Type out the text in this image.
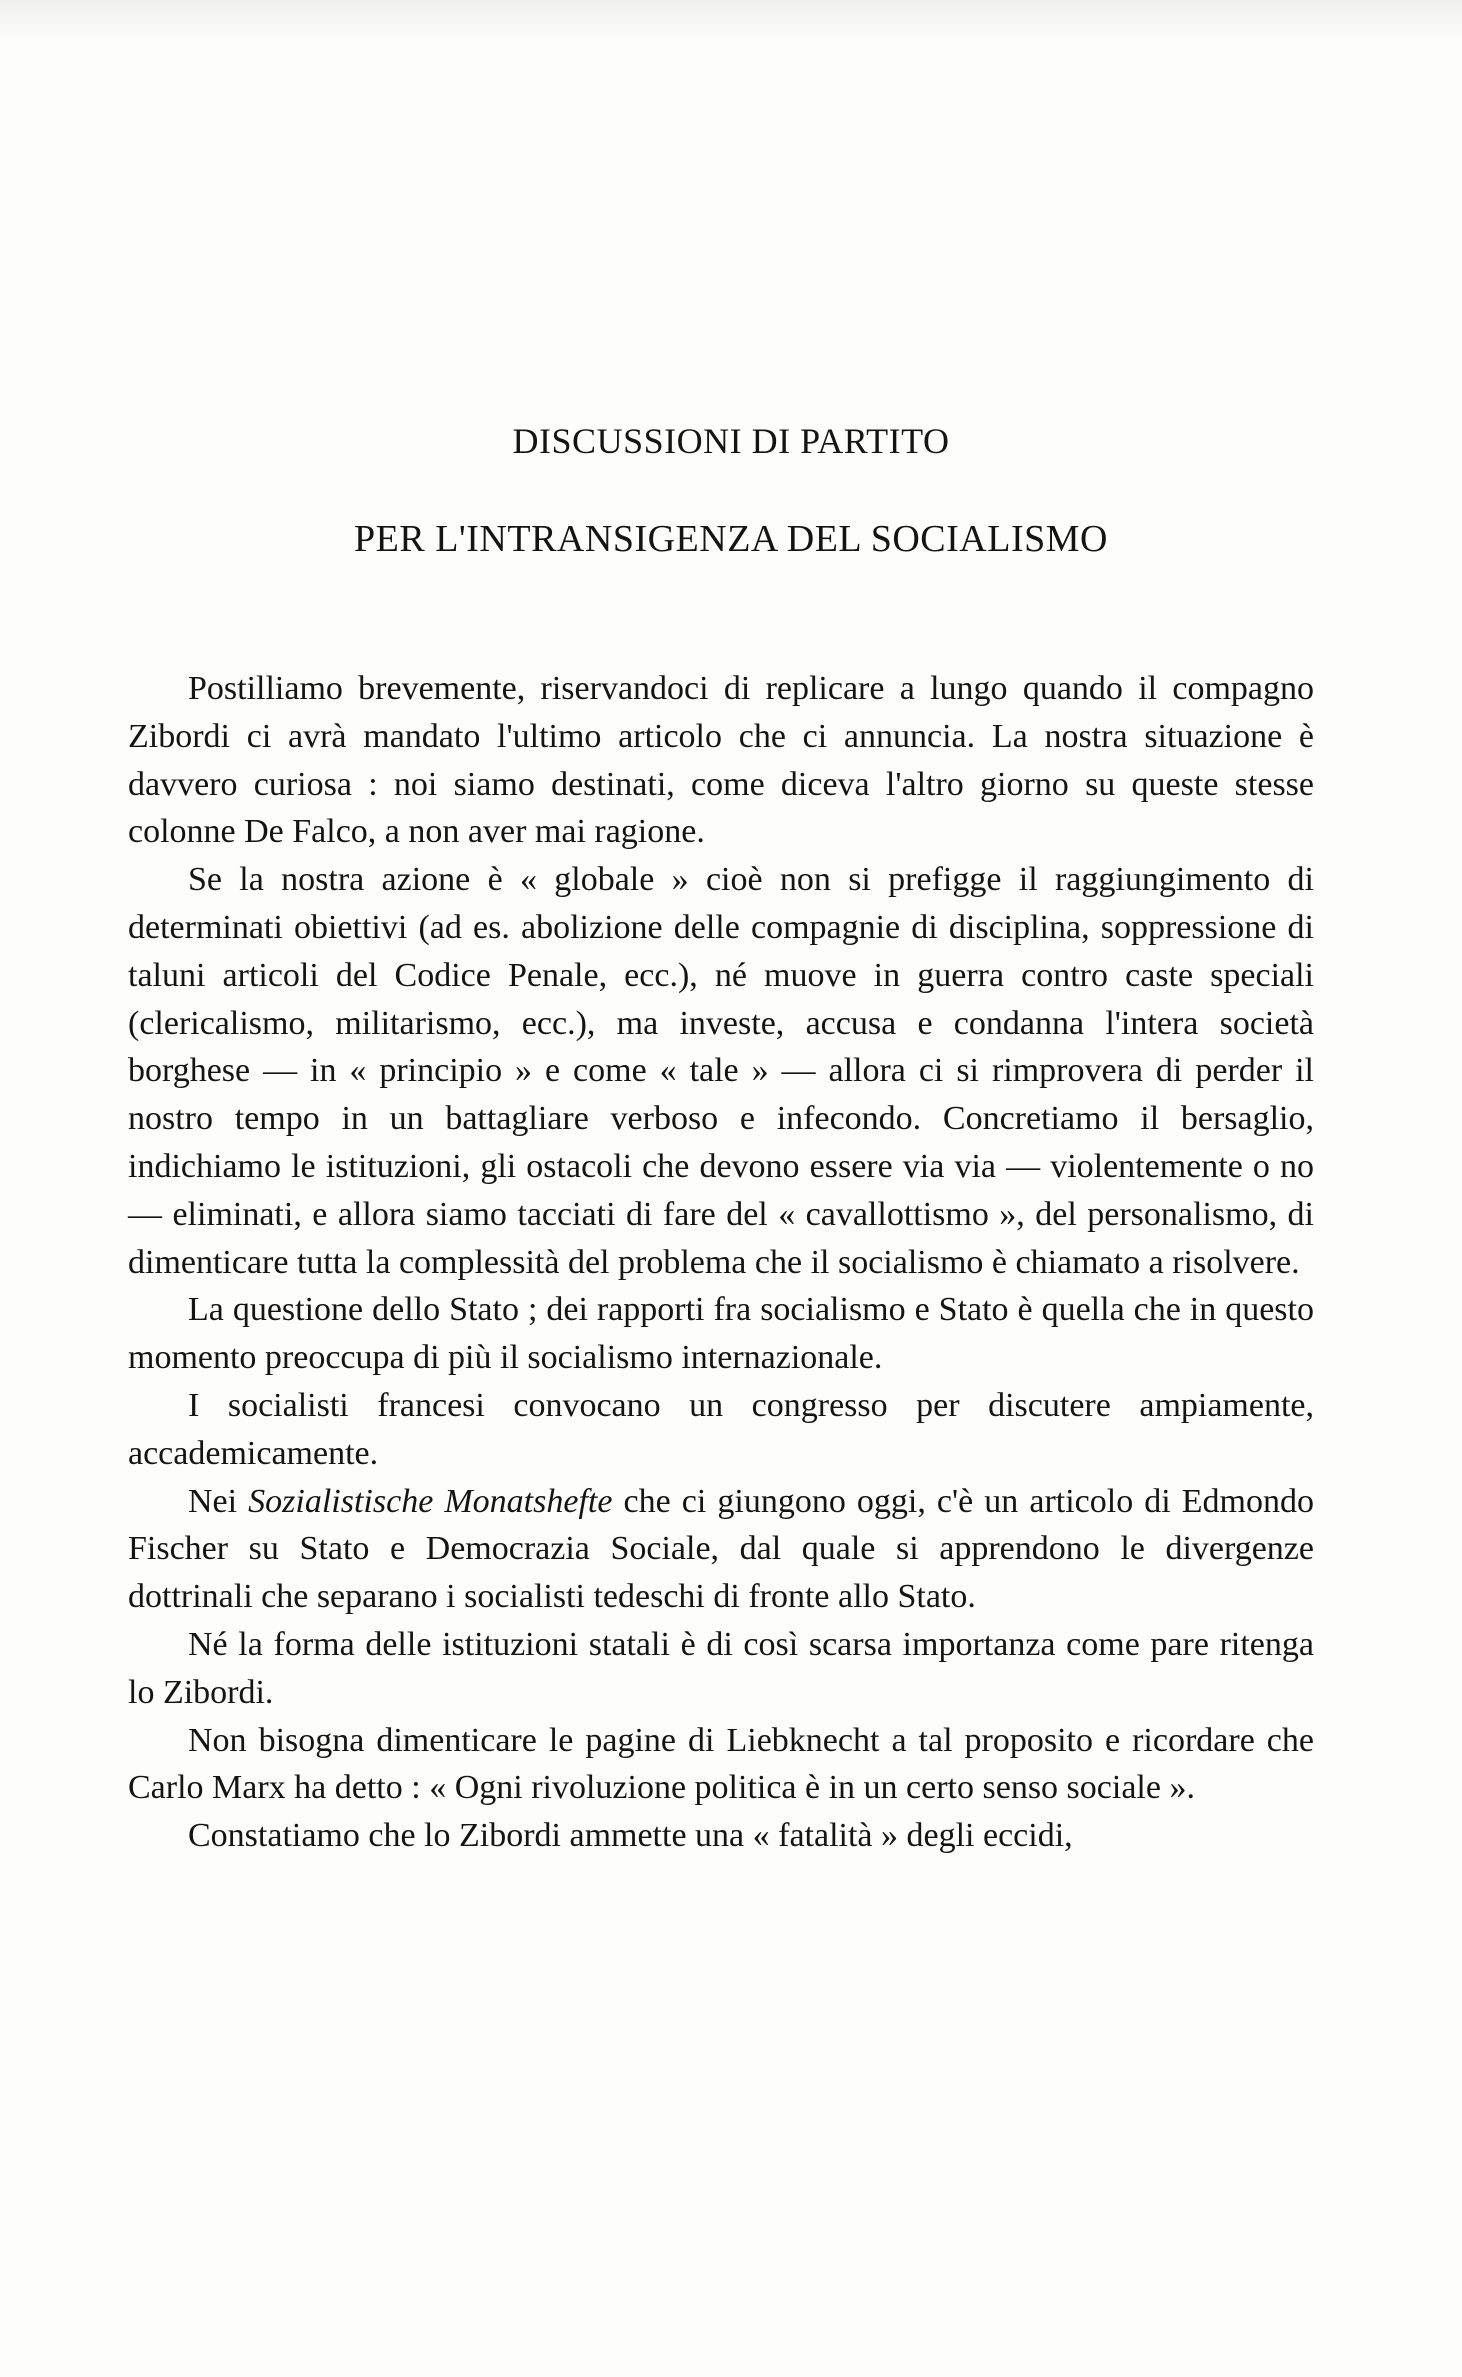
DISCUSSIONI DI PARTITO
PER L'INTRANSIGENZA DEL SOCIALISMO

Postilliamo brevemente, riservandoci di replicare a lungo quando il compagno Zibordi ci avrà mandato l'ultimo articolo che ci annuncia. La nostra situazione è davvero curiosa : noi siamo destinati, come diceva l'altro giorno su queste stesse colonne De Falco, a non aver mai ragione.

Se la nostra azione è « globale » cioè non si prefigge il raggiungimento di determinati obiettivi (ad es. abolizione delle compagnie di disciplina, soppressione di taluni articoli del Codice Penale, ecc.), né muove in guerra contro caste speciali (clericalismo, militarismo, ecc.), ma investe, accusa e condanna l'intera società borghese — in « principio » e come « tale » — allora ci si rimprovera di perder il nostro tempo in un battagliare verboso e infecondo. Concretiamo il bersaglio, indichiamo le istituzioni, gli ostacoli che devono essere via via — violentemente o no — eliminati, e allora siamo tacciati di fare del « cavallottismo », del personalismo, di dimenticare tutta la complessità del problema che il socialismo è chiamato a risolvere.

La questione dello Stato ; dei rapporti fra socialismo e Stato è quella che in questo momento preoccupa di più il socialismo internazionale.

I socialisti francesi convocano un congresso per discutere ampiamente, accademicamente.

Nei Sozialistische Monatshefte che ci giungono oggi, c'è un articolo di Edmondo Fischer su Stato e Democrazia Sociale, dal quale si apprendono le divergenze dottrinali che separano i socialisti tedeschi di fronte allo Stato.

Né la forma delle istituzioni statali è di così scarsa importanza come pare ritenga lo Zibordi.

Non bisogna dimenticare le pagine di Liebknecht a tal proposito e ricordare che Carlo Marx ha detto : « Ogni rivoluzione politica è in un certo senso sociale ».

Constatiamo che lo Zibordi ammette una « fatalità » degli eccidi,
